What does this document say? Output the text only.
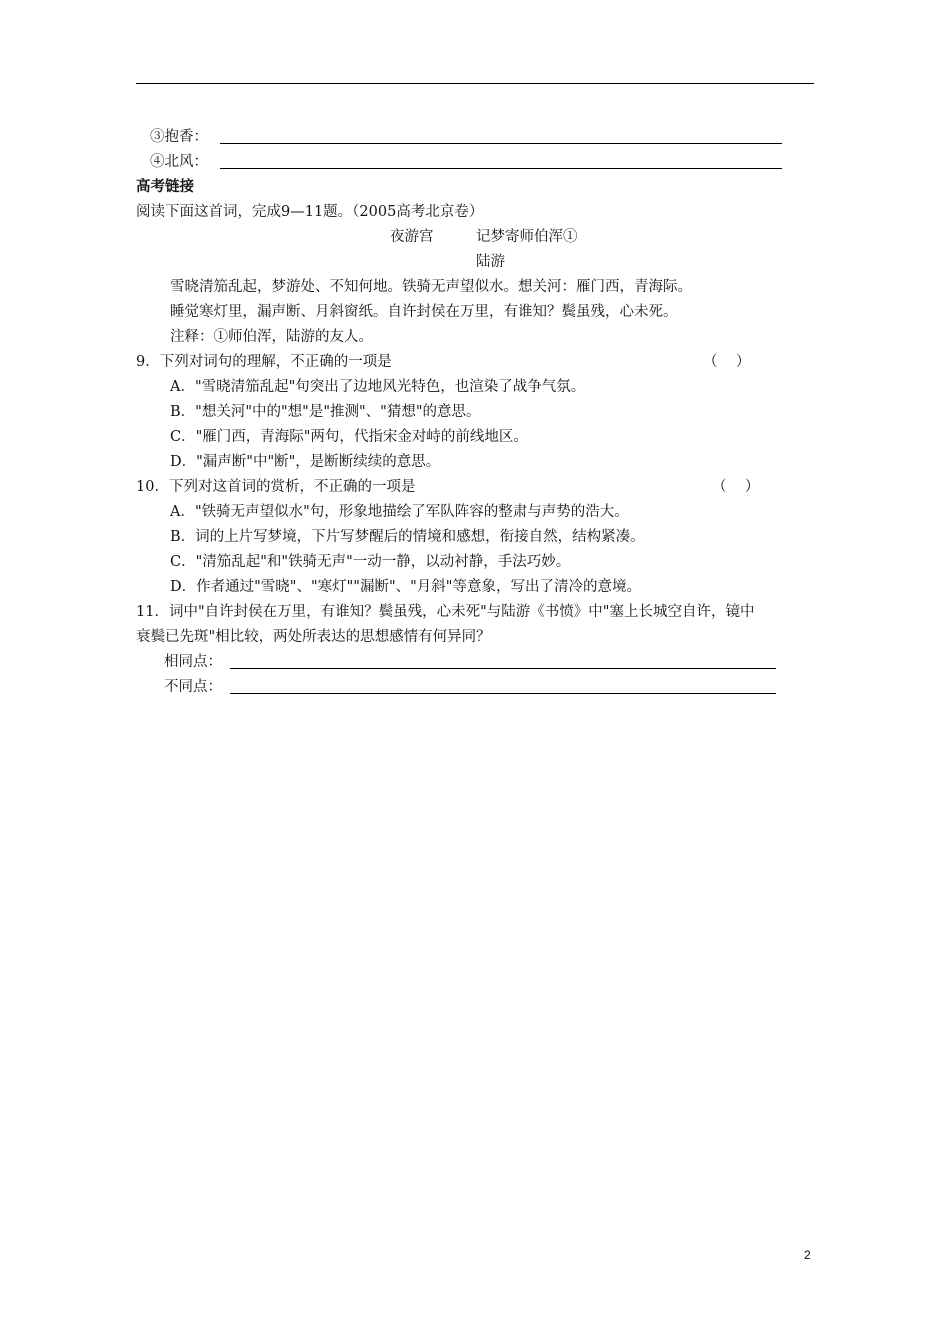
③抱香：
④北风：
高考链接
阅读下面这首词，完成9—11题。（2005高考北京卷）
夜游宫	记梦寄师伯浑①
陆游
雪晓清笳乱起，梦游处、不知何地。铁骑无声望似水。想关河：雁门西，青海际。
睡觉寒灯里，漏声断、月斜窗纸。自许封侯在万里，有谁知？鬓虽残，心未死。
注释：①师伯浑，陆游的友人。
9．下列对词句的理解，不正确的一项是	（    ）
A．"雪晓清笳乱起"句突出了边地风光特色，也渲染了战争气氛。
B．"想关河"中的"想"是"推测"、"猜想"的意思。
C．"雁门西，青海际"两句，代指宋金对峙的前线地区。
D．"漏声断"中"断"，是断断续续的意思。
10．下列对这首词的赏析，不正确的一项是	（    ）
A．"铁骑无声望似水"句，形象地描绘了军队阵容的整肃与声势的浩大。
B．词的上片写梦境，下片写梦醒后的情境和感想，衔接自然，结构紧凑。
C．"清笳乱起"和"铁骑无声"一动一静，以动衬静，手法巧妙。
D．作者通过"雪晓"、"寒灯""漏断"、"月斜"等意象，写出了清冷的意境。
11．词中"自许封侯在万里，有谁知？鬓虽残，心未死"与陆游《书愤》中"塞上长城空自许，镜中
衰鬓已先斑"相比较，两处所表达的思想感情有何异同？
相同点：
不同点：
2
